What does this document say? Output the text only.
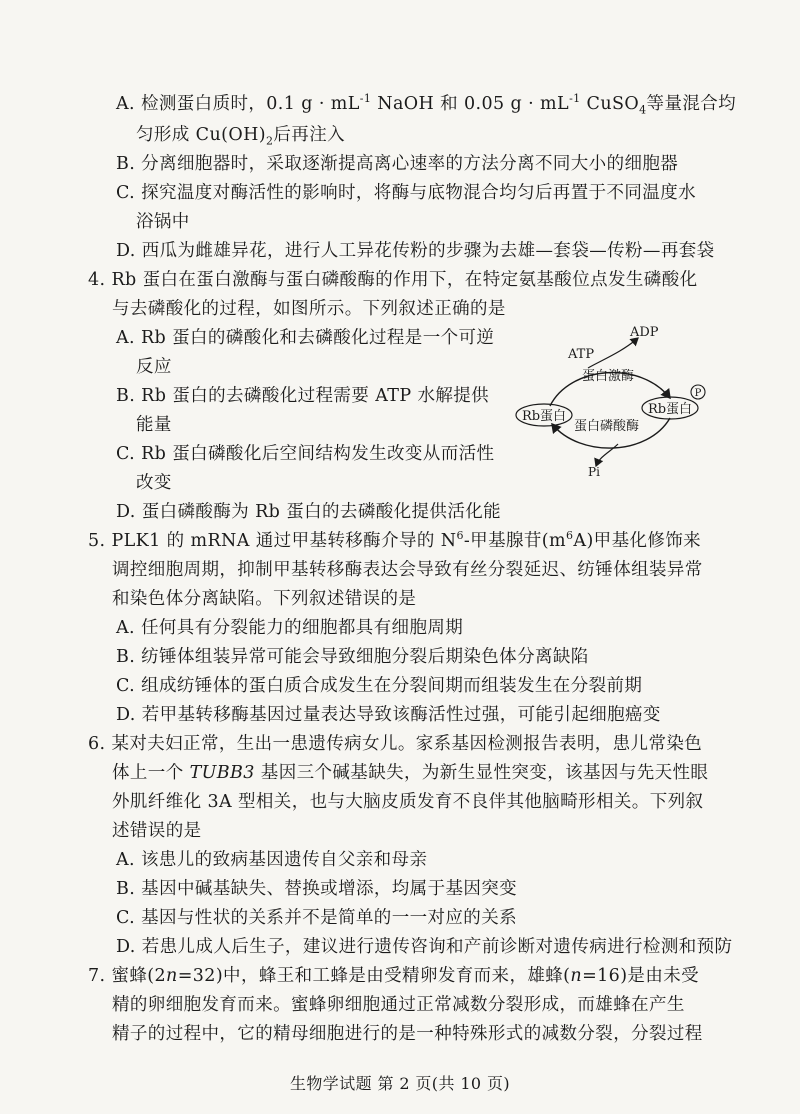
A. 检测蛋白质时，0.1 $g \cdot mL^{-1}$ NaOH 和 0.05 $g \cdot mL^{-1}$ CuSO$_4$等量混合均
匀形成 $Cu(OH)_2$后再注入
B. 分离细胞器时，采取逐渐提高离心速率的方法分离不同大小的细胞器
C. 探究温度对酶活性的影响时，将酶与底物混合均匀后再置于不同温度水
浴锅中
D. 西瓜为雌雄异花，进行人工异花传粉的步骤为去雄—套袋—传粉—再套袋
4. Rb 蛋白在蛋白激酶与蛋白磷酸酶的作用下，在特定氨基酸位点发生磷酸化
与去磷酸化的过程，如图所示。下列叙述正确的是
A. Rb 蛋白的磷酸化和去磷酸化过程是一个可逆
反应
B. Rb 蛋白的去磷酸化过程需要 ATP 水解提供
能量
C. Rb 蛋白磷酸化后空间结构发生改变从而活性
改变
D. 蛋白磷酸酶为 Rb 蛋白的去磷酸化提供活化能
ADP
ATP
蛋白激酶
蛋白磷酸酶
Rb蛋白	Rb蛋白
P
Pi
5. PLK1 的 mRNA 通过甲基转移酶介导的 $N^6-$甲基腺苷$(m^6A)$甲基化修饰来
调控细胞周期，抑制甲基转移酶表达会导致有丝分裂延迟、纺锤体组装异常
和染色体分离缺陷。下列叙述错误的是
A. 任何具有分裂能力的细胞都具有细胞周期
B. 纺锤体组装异常可能会导致细胞分裂后期染色体分离缺陷
C. 组成纺锤体的蛋白质合成发生在分裂间期而组装发生在分裂前期
D. 若甲基转移酶基因过量表达导致该酶活性过强，可能引起细胞癌变
6. 某对夫妇正常，生出一患遗传病女儿。家系基因检测报告表明，患儿常染色
体上一个 TUBB3 基因三个碱基缺失，为新生显性突变，该基因与先天性眼
外肌纤维化 3A 型相关，也与大脑皮质发育不良伴其他脑畸形相关。下列叙
述错误的是
A. 该患儿的致病基因遗传自父亲和母亲
B. 基因中碱基缺失、替换或增添，均属于基因突变
C. 基因与性状的关系并不是简单的一一对应的关系
D. 若患儿成人后生子，建议进行遗传咨询和产前诊断对遗传病进行检测和预防
7. 蜜蜂(2n=32)中，蜂王和工蜂是由受精卵发育而来，雄蜂(n=16)是由未受
精的卵细胞发育而来。蜜蜂卵细胞通过正常减数分裂形成，而雄蜂在产生
精子的过程中，它的精母细胞进行的是一种特殊形式的减数分裂，分裂过程
生物学试题 第 2 页(共 10 页)
